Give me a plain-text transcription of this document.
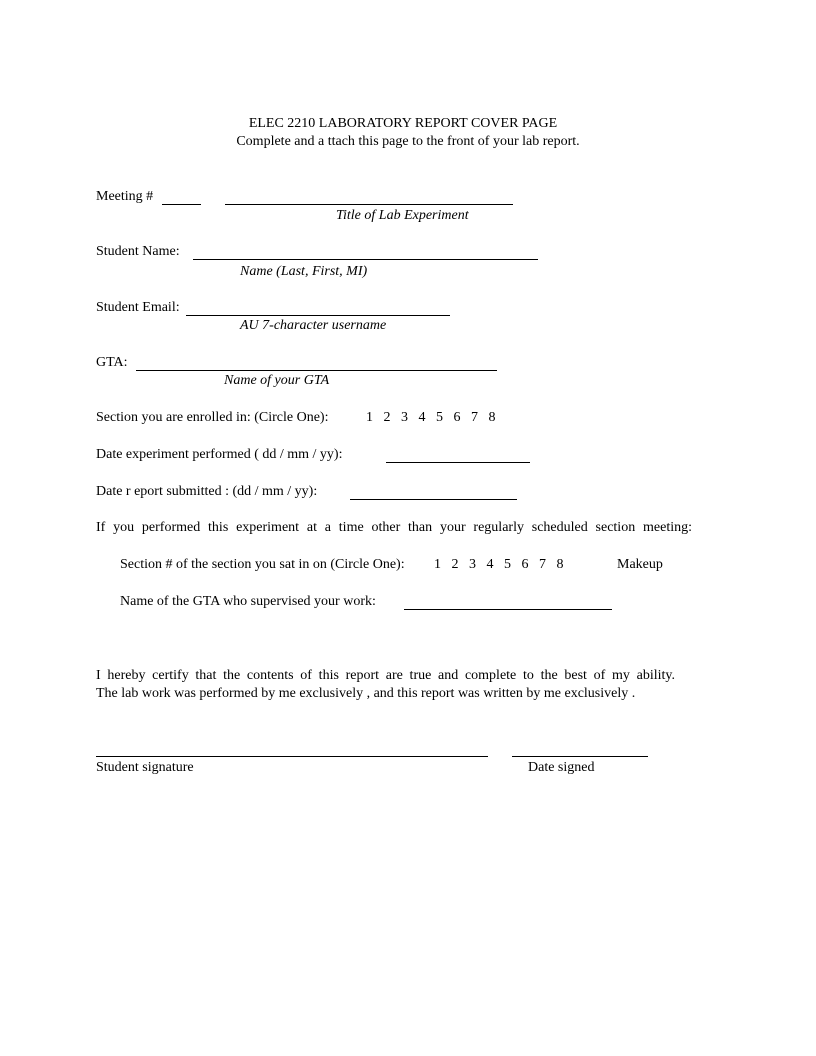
ELEC 2210 LABORATORY REPORT COVER PAGE
Complete and a ttach this page to the front of your lab report.
Meeting #
Title of Lab Experiment
Student Name:
Name (Last, First, MI)
Student Email:
AU 7-character username
GTA:
Name of your GTA
Section you are enrolled in: (Circle One):	1 2 3 4 5 6 7 8
Date experiment performed ( dd / mm / yy):
Date r eport submitted : (dd / mm / yy):
If you performed this experiment at a time other than your regularly scheduled section meeting:
Section # of the section you sat in on (Circle One): 1 2 3 4 5 6 7 8	Makeup
Name of the GTA who supervised your work:
I hereby certify that the contents of this report are true and complete to the best of my ability.
The lab work was performed by me exclusively , and this report was written by me exclusively .
Student signature	Date signed
